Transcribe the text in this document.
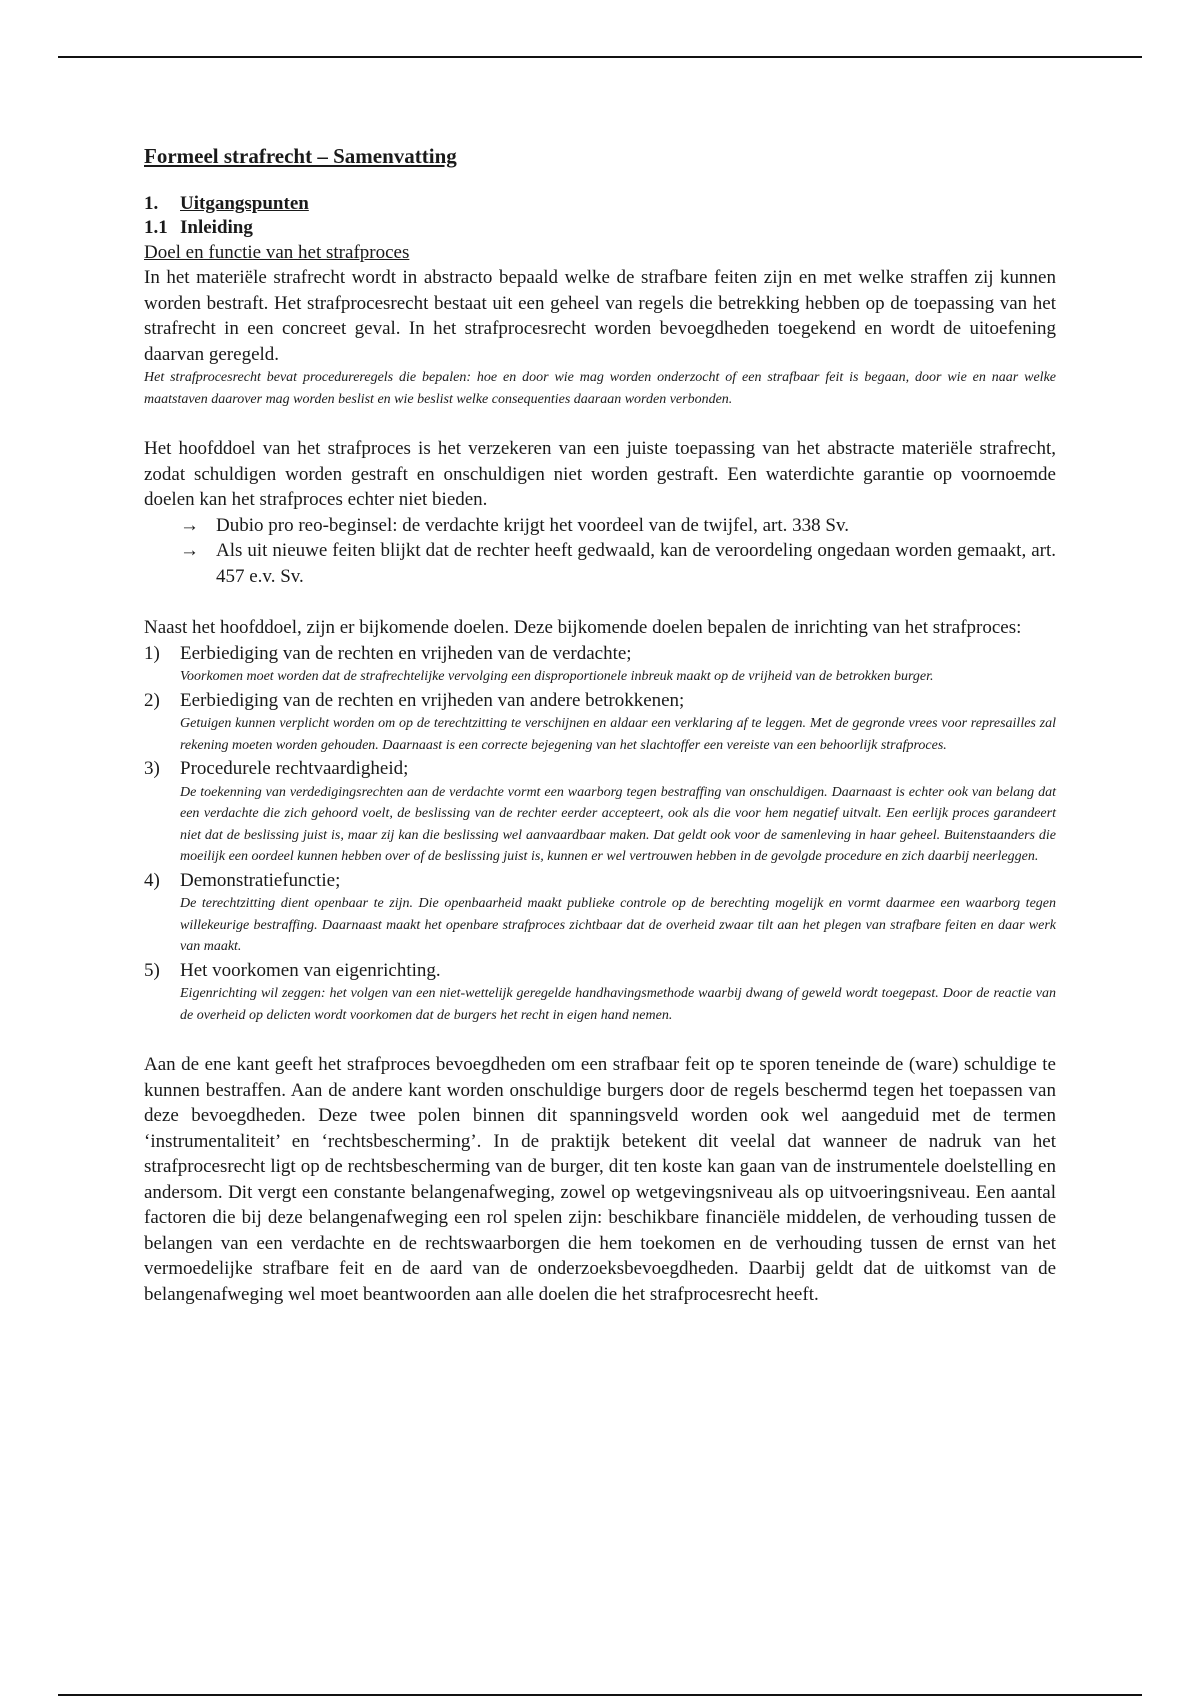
Formeel strafrecht – Samenvatting
1. Uitgangspunten
1.1 Inleiding
Doel en functie van het strafproces

In het materiële strafrecht wordt in abstracto bepaald welke de strafbare feiten zijn en met welke straffen zij kunnen worden bestraft. Het strafprocesrecht bestaat uit een geheel van regels die betrekking hebben op de toepassing van het strafrecht in een concreet geval. In het strafprocesrecht worden bevoegdheden toegekend en wordt de uitoefening daarvan geregeld.

Het strafprocesrecht bevat procedureregels die bepalen: hoe en door wie mag worden onderzocht of een strafbaar feit is begaan, door wie en naar welke maatstaven daarover mag worden beslist en wie beslist welke consequenties daaraan worden verbonden.

Het hoofddoel van het strafproces is het verzekeren van een juiste toepassing van het abstracte materiële strafrecht, zodat schuldigen worden gestraft en onschuldigen niet worden gestraft. Een waterdichte garantie op voornoemde doelen kan het strafproces echter niet bieden.

→ Dubio pro reo-beginsel: de verdachte krijgt het voordeel van de twijfel, art. 338 Sv.
→ Als uit nieuwe feiten blijkt dat de rechter heeft gedwaald, kan de veroordeling ongedaan worden gemaakt, art. 457 e.v. Sv.

Naast het hoofddoel, zijn er bijkomende doelen. Deze bijkomende doelen bepalen de inrichting van het strafproces:

1) Eerbiediging van de rechten en vrijheden van de verdachte;

Voorkomen moet worden dat de strafrechtelijke vervolging een disproportionele inbreuk maakt op de vrijheid van de betrokken burger.

2) Eerbiediging van de rechten en vrijheden van andere betrokkenen;

Getuigen kunnen verplicht worden om op de terechtzitting te verschijnen en aldaar een verklaring af te leggen. Met de gegronde vrees voor represailles zal rekening moeten worden gehouden. Daarnaast is een correcte bejegening van het slachtoffer een vereiste van een behoorlijk strafproces.

3) Procedurele rechtvaardigheid;

De toekenning van verdedigingsrechten aan de verdachte vormt een waarborg tegen bestraffing van onschuldigen. Daarnaast is echter ook van belang dat een verdachte die zich gehoord voelt, de beslissing van de rechter eerder accepteert, ook als die voor hem negatief uitvalt. Een eerlijk proces garandeert niet dat de beslissing juist is, maar zij kan die beslissing wel aanvaardbaar maken. Dat geldt ook voor de samenleving in haar geheel. Buitenstaanders die moeilijk een oordeel kunnen hebben over of de beslissing juist is, kunnen er wel vertrouwen hebben in de gevolgde procedure en zich daarbij neerleggen.

4) Demonstratiefunctie;

De terechtzitting dient openbaar te zijn. Die openbaarheid maakt publieke controle op de berechting mogelijk en vormt daarmee een waarborg tegen willekeurige bestraffing. Daarnaast maakt het openbare strafproces zichtbaar dat de overheid zwaar tilt aan het plegen van strafbare feiten en daar werk van maakt.

5) Het voorkomen van eigenrichting.

Eigenrichting wil zeggen: het volgen van een niet-wettelijk geregelde handhavingsmethode waarbij dwang of geweld wordt toegepast. Door de reactie van de overheid op delicten wordt voorkomen dat de burgers het recht in eigen hand nemen.

Aan de ene kant geeft het strafproces bevoegdheden om een strafbaar feit op te sporen teneinde de (ware) schuldige te kunnen bestraffen. Aan de andere kant worden onschuldige burgers door de regels beschermd tegen het toepassen van deze bevoegdheden. Deze twee polen binnen dit spanningsveld worden ook wel aangeduid met de termen ‘instrumentaliteit’ en ‘rechtsbescherming’. In de praktijk betekent dit veelal dat wanneer de nadruk van het strafprocesrecht ligt op de rechtsbescherming van de burger, dit ten koste kan gaan van de instrumentele doelstelling en andersom. Dit vergt een constante belangenafweging, zowel op wetgevingsniveau als op uitvoeringsniveau. Een aantal factoren die bij deze belangenafweging een rol spelen zijn: beschikbare financiële middelen, de verhouding tussen de belangen van een verdachte en de rechtswaarborgen die hem toekomen en de verhouding tussen de ernst van het vermoedelijke strafbare feit en de aard van de onderzoeksbevoegdheden. Daarbij geldt dat de uitkomst van de belangenafweging wel moet beantwoorden aan alle doelen die het strafprocesrecht heeft.
